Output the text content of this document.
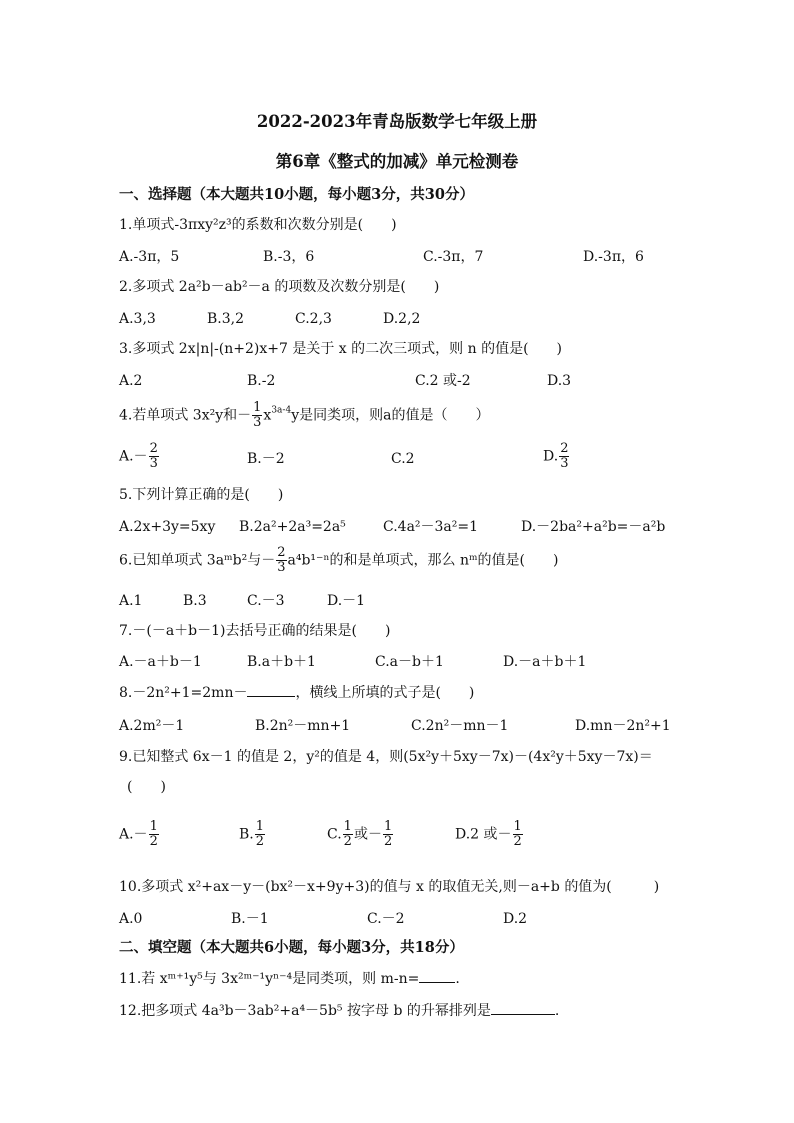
2022-2023年青岛版数学七年级上册
第6章《整式的加减》单元检测卷
一、选择题（本大题共10小题，每小题3分，共30分）
1.单项式-3πxy²z³的系数和次数分别是(　　)
A.-3π，5	B.-3，6	C.-3π，7	D.-3π，6
2.多项式 2a²b－ab²－a 的项数及次数分别是(　　)
A.3,3	B.3,2	C.2,3	D.2,2
3.多项式 2x|n|-(n+2)x+7 是关于 x 的二次三项式，则 n 的值是(　　)
A.2	B.-2	C.2 或-2	D.3
4.若单项式 3x²y和－ $\frac{1}{3} x^{3a-4}y$是同类项，则a的值是（　　）
$A.- \frac{2}{3}$	B.－2	C.2	D. $\frac{2}{3}$
5.下列计算正确的是(　　)
A.2x+3y=5xy B.2a²+2a³=2a⁵	C.4a²－3a²=1	D.－2ba²+a²b=－a²b
6.已知单项式 3aᵐb²与－ $\frac{2}{3} a^4b^{1-n}$的和是单项式，那么 nᵐ的值是(　　)
A.1	B.3	C.－3	D.－1
7.－(－a＋b－1)去括号正确的结果是(　　)
A.－a＋b－1	B.a＋b＋1	C.a－b＋1	D.－a＋b＋1
8.－2n²+1=2mn－	，横线上所填的式子是(　　)
A.2m²－1	B.2n²－mn+1	C.2n²－mn－1	D.mn－2n²+1
9.已知整式 6x－1 的值是 2，y²的值是 4，则(5x²y＋5xy－7x)－(4x²y＋5xy－7x)＝
(　　)
$A.- \frac{1}{2}$	B. $\frac{1}{2}$	C. $\frac{1}{2}$ 或－ $\frac{1}{2}$	D.2 或－ $\frac{1}{2}$
10.多项式 x²+ax－y－(bx²－x+9y+3)的值与 x 的取值无关,则－a+b 的值为(　　　)
A.0	B.－1	C.－2	D.2
二、填空题（本大题共6小题，每小题3分，共18分）
11.若 xᵐ⁺¹y⁵与 3x²ᵐ⁻¹yⁿ⁻⁴是同类项，则 m-n=	.
12.把多项式 4a³b－3ab²+a⁴－5b⁵ 按字母 b 的升幂排列是	.
